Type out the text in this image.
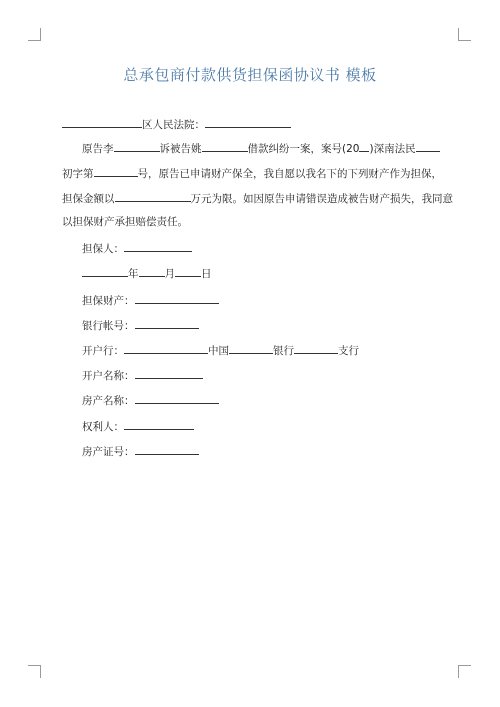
总承包商付款供货担保函协议书 模板
区人民法院：
原告李	诉被告姚	借款纠纷一案，案号(20 )深南法民
初字第	号，原告已申请财产保全，我自愿以我名下的下列财产作为担保，
担保金额以	万元为限。如因原告申请错误造成被告财产损失，我同意
以担保财产承担赔偿责任。
担保人：
年 月 日
担保财产：
银行帐号：
开户行：	中国	银行	支行
开户名称：
房产名称：
权利人：
房产证号：
